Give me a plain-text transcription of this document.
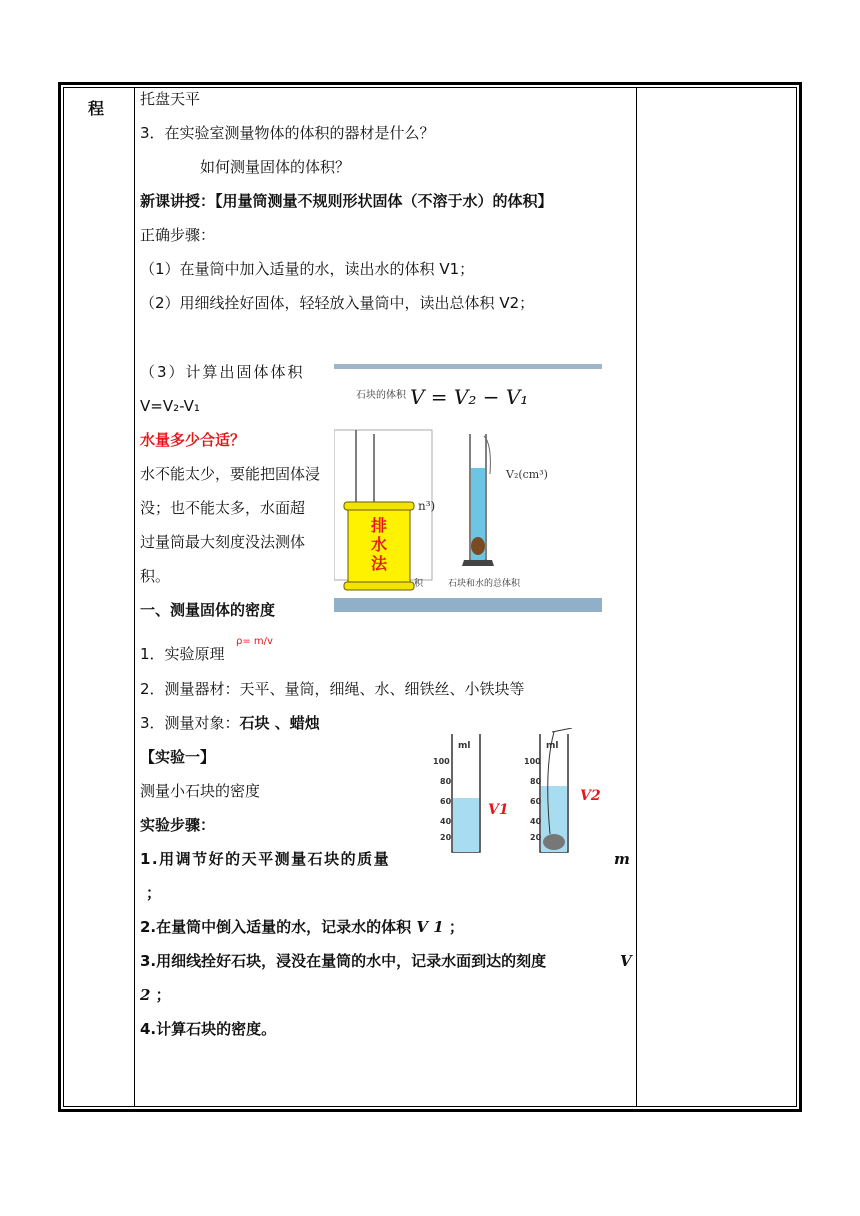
程 托盘天平
3．在实验室测量物体的体积的器材是什么？
如何测量固体的体积？
新课讲授：【用量筒测量不规则形状固体（不溶于水）的体积】
正确步骤：
（1）在量筒中加入适量的水，读出水的体积 V1；
（2）用细线拴好固体，轻轻放入量筒中，读出总体积 V2；
（3）计算出固体体积
V=V₂-V₁
水量多少合适？
水不能太少，要能把固体浸
没；也不能太多，水面超
过量筒最大刻度没法测体
积。
一、测量固体的密度
1．实验原理
ρ= m/v
2．测量器材：天平、量筒，细绳、水、细铁丝、小铁块等
3．测量对象：石块 、蜡烛
【实验一】
测量小石块的密度
实验步骤：
1.用调节好的天平测量石块的质量	m
；
2.在量筒中倒入适量的水，记录水的体积 V 1 ；
3.用细线拴好石块，浸没在量筒的水中，记录水面到达的刻度	V
2 ；
4.计算石块的密度。
石块的体积 V = V₂ − V₁
n³)
V₂(cm³)
排
水
法
积	石块和水的总体积
ml
100
80
60
40
20
V1
ml
100
80
60
40
20
V2
